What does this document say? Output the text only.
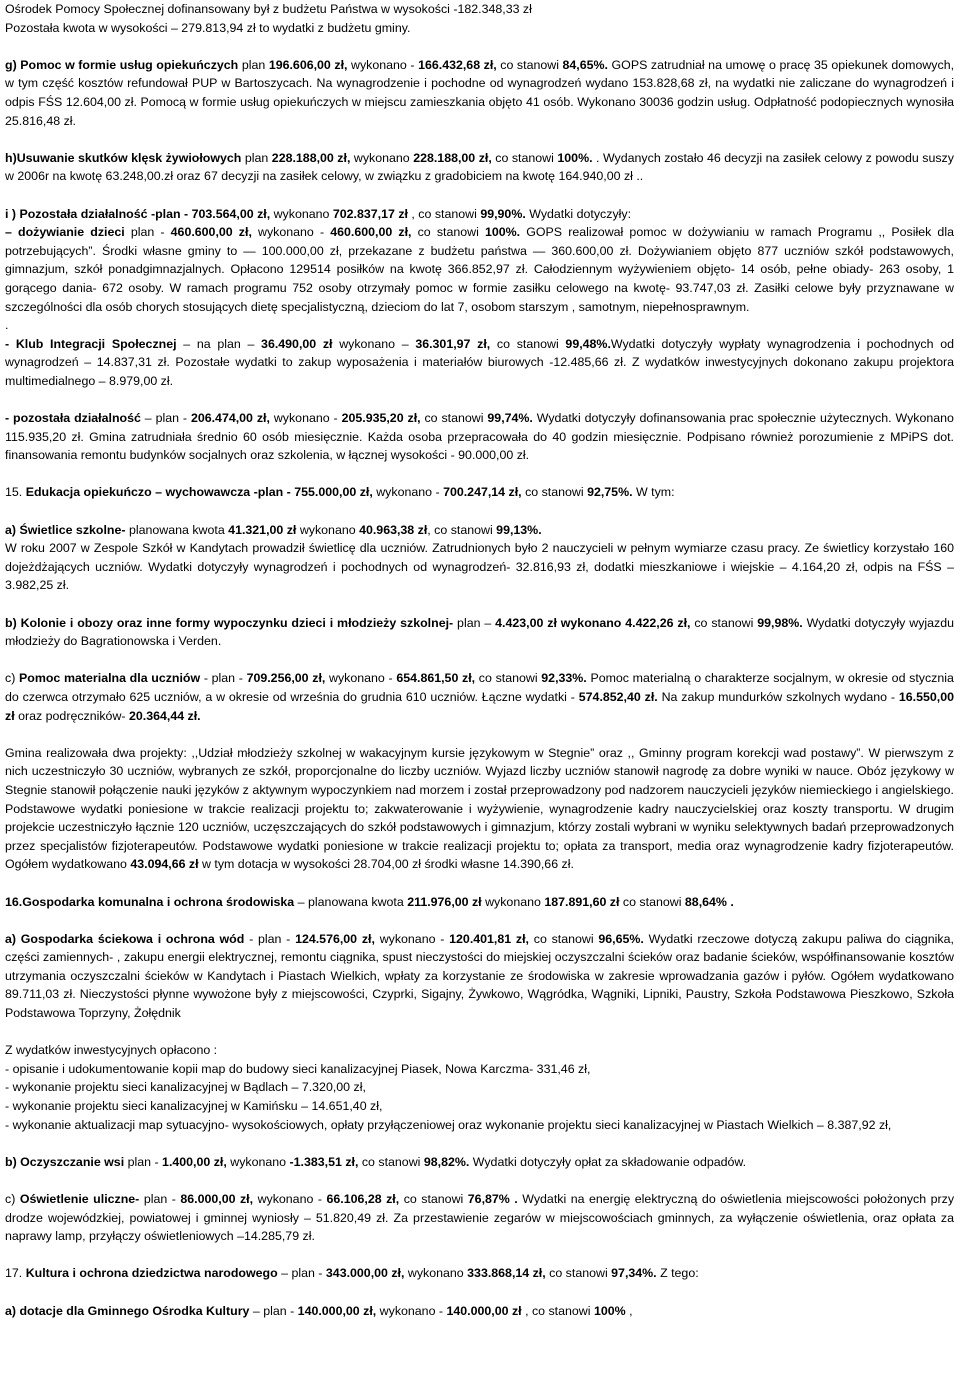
Ośrodek Pomocy Społecznej dofinansowany był z budżetu Państwa w wysokości -182.348,33 zł

Pozostała kwota w wysokości – 279.813,94 zł to wydatki z budżetu gminy.

g) Pomoc w formie usług opiekuńczych plan 196.606,00 zł, wykonano - 166.432,68 zł, co stanowi 84,65%. GOPS zatrudniał na umowę o pracę 35 opiekunek domowych, w tym część kosztów refundował PUP w Bartoszycach. Na wynagrodzenie i pochodne od wynagrodzeń wydano 153.828,68 zł, na wydatki nie zaliczane do wynagrodzeń i odpis FŚS 12.604,00 zł. Pomocą w formie usług opiekuńczych w miejscu zamieszkania objęto 41 osób. Wykonano 30036 godzin usług. Odpłatność podopiecznych wynosiła 25.816,48 zł.

h)Usuwanie skutków klęsk żywiołowych plan 228.188,00 zł, wykonano 228.188,00 zł, co stanowi 100%. . Wydanych zostało 46 decyzji na zasiłek celowy z powodu suszy w 2006r na kwotę 63.248,00.zł oraz 67 decyzji na zasiłek celowy, w związku z gradobiciem na kwotę 164.940,00 zł ..

i ) Pozostała działalność -plan - 703.564,00 zł, wykonano 702.837,17 zł , co stanowi 99,90%. Wydatki dotyczyły:

– dożywianie dzieci plan - 460.600,00 zł, wykonano - 460.600,00 zł, co stanowi 100%. GOPS realizował pomoc w dożywianiu w ramach Programu ,, Posiłek dla potrzebujących”. Środki własne gminy to — 100.000,00 zł, przekazane z budżetu państwa — 360.600,00 zł. Dożywianiem objęto 877 uczniów szkół podstawowych, gimnazjum, szkół ponadgimnazjalnych. Opłacono 129514 posiłków na kwotę 366.852,97 zł. Całodziennym wyżywieniem objęto- 14 osób, pełne obiady- 263 osoby, 1 gorącego dania- 672 osoby. W ramach programu 752 osoby otrzymały pomoc w formie zasiłku celowego na kwotę- 93.747,03 zł. Zasiłki celowe były przyznawane w szczególności dla osób chorych stosujących dietę specjalistyczną, dzieciom do lat 7, osobom starszym , samotnym, niepełnosprawnym.

.

- Klub Integracji Społecznej – na plan – 36.490,00 zł wykonano – 36.301,97 zł, co stanowi 99,48%.Wydatki dotyczyły wypłaty wynagrodzenia i pochodnych od wynagrodzeń – 14.837,31 zł. Pozostałe wydatki to zakup wyposażenia i materiałów biurowych -12.485,66 zł. Z wydatków inwestycyjnych dokonano zakupu projektora multimedialnego – 8.979,00 zł.

- pozostała działalność – plan - 206.474,00 zł, wykonano - 205.935,20 zł, co stanowi 99,74%. Wydatki dotyczyły dofinansowania prac społecznie użytecznych. Wykonano 115.935,20 zł. Gmina zatrudniała średnio 60 osób miesięcznie. Każda osoba przepracowała do 40 godzin miesięcznie. Podpisano również porozumienie z MPiPS dot. finansowania remontu budynków socjalnych oraz szkolenia, w łącznej wysokości - 90.000,00 zł.

15. Edukacja opiekuńczo – wychowawcza -plan - 755.000,00 zł, wykonano - 700.247,14 zł, co stanowi 92,75%. W tym:

a) Świetlice szkolne- planowana kwota 41.321,00 zł wykonano 40.963,38 zł, co stanowi 99,13%.

W roku 2007 w Zespole Szkół w Kandytach prowadził świetlicę dla uczniów. Zatrudnionych było 2 nauczycieli w pełnym wymiarze czasu pracy. Ze świetlicy korzystało 160 dojeżdżających uczniów. Wydatki dotyczyły wynagrodzeń i pochodnych od wynagrodzeń- 32.816,93 zł, dodatki mieszkaniowe i wiejskie – 4.164,20 zł, odpis na FŚS – 3.982,25 zł.

b) Kolonie i obozy oraz inne formy wypoczynku dzieci i młodzieży szkolnej- plan – 4.423,00 zł wykonano 4.422,26 zł, co stanowi 99,98%. Wydatki dotyczyły wyjazdu młodzieży do Bagrationowska i Verden.

c) Pomoc materialna dla uczniów - plan - 709.256,00 zł, wykonano - 654.861,50 zł, co stanowi 92,33%. Pomoc materialną o charakterze socjalnym, w okresie od stycznia do czerwca otrzymało 625 uczniów, a w okresie od września do grudnia 610 uczniów. Łączne wydatki - 574.852,40 zł. Na zakup mundurków szkolnych wydano - 16.550,00 zł oraz podręczników- 20.364,44 zł.

Gmina realizowała dwa projekty: ,,Udział młodzieży szkolnej w wakacyjnym kursie językowym w Stegnie” oraz ,, Gminny program korekcji wad postawy”. W pierwszym z nich uczestniczyło 30 uczniów, wybranych ze szkół, proporcjonalne do liczby uczniów. Wyjazd liczby uczniów stanowił nagrodę za dobre wyniki w nauce. Obóz językowy w Stegnie stanowił połączenie nauki języków z aktywnym wypoczynkiem nad morzem i został przeprowadzony pod nadzorem nauczycieli języków niemieckiego i angielskiego. Podstawowe wydatki poniesione w trakcie realizacji projektu to; zakwaterowanie i wyżywienie, wynagrodzenie kadry nauczycielskiej oraz koszty transportu. W drugim projekcie uczestniczyło łącznie 120 uczniów, uczęszczających do szkół podstawowych i gimnazjum, którzy zostali wybrani w wyniku selektywnych badań przeprowadzonych przez specjalistów fizjoterapeutów. Podstawowe wydatki poniesione w trakcie realizacji projektu to; opłata za transport, media oraz wynagrodzenie kadry fizjoterapeutów. Ogółem wydatkowano 43.094,66 zł w tym dotacja w wysokości 28.704,00 zł środki własne 14.390,66 zł.

16.Gospodarka komunalna i ochrona środowiska – planowana kwota 211.976,00 zł wykonano 187.891,60 zł co stanowi 88,64% .

a) Gospodarka ściekowa i ochrona wód - plan - 124.576,00 zł, wykonano - 120.401,81 zł, co stanowi 96,65%. Wydatki rzeczowe dotyczą zakupu paliwa do ciągnika, części zamiennych- , zakupu energii elektrycznej, remontu ciągnika, spust nieczystości do miejskiej oczyszczalni ścieków oraz badanie ścieków, współfinansowanie kosztów utrzymania oczyszczalni ścieków w Kandytach i Piastach Wielkich, wpłaty za korzystanie ze środowiska w zakresie wprowadzania gazów i pyłów. Ogółem wydatkowano 89.711,03 zł. Nieczystości płynne wywożone były z miejscowości, Czyprki, Sigajny, Żywkowo, Wągródka, Wągniki, Lipniki, Paustry, Szkoła Podstawowa Pieszkowo, Szkoła Podstawowa Toprzyny, Żołędnik

Z wydatków inwestycyjnych opłacono :

- opisanie i udokumentowanie kopii map do budowy sieci kanalizacyjnej Piasek, Nowa Karczma- 331,46 zł,
- wykonanie projektu sieci kanalizacyjnej w Bądlach – 7.320,00 zł,
- wykonanie projektu sieci kanalizacyjnej w Kamińsku – 14.651,40 zł,
- wykonanie aktualizacji map sytuacyjno- wysokościowych, opłaty przyłączeniowej oraz wykonanie projektu sieci kanalizacyjnej w Piastach Wielkich – 8.387,92 zł,

b) Oczyszczanie wsi plan - 1.400,00 zł, wykonano -1.383,51 zł, co stanowi 98,82%. Wydatki dotyczyły opłat za składowanie odpadów.

c) Oświetlenie uliczne- plan - 86.000,00 zł, wykonano - 66.106,28 zł, co stanowi 76,87% . Wydatki na energię elektryczną do oświetlenia miejscowości położonych przy drodze wojewódzkiej, powiatowej i gminnej wyniosły – 51.820,49 zł. Za przestawienie zegarów w miejscowościach gminnych, za wyłączenie oświetlenia, oraz opłata za naprawy lamp, przyłączy oświetleniowych –14.285,79 zł.

17. Kultura i ochrona dziedzictwa narodowego – plan - 343.000,00 zł, wykonano 333.868,14 zł, co stanowi 97,34%. Z tego:

a) dotacje dla Gminnego Ośrodka Kultury – plan - 140.000,00 zł, wykonano - 140.000,00 zł , co stanowi 100% ,
